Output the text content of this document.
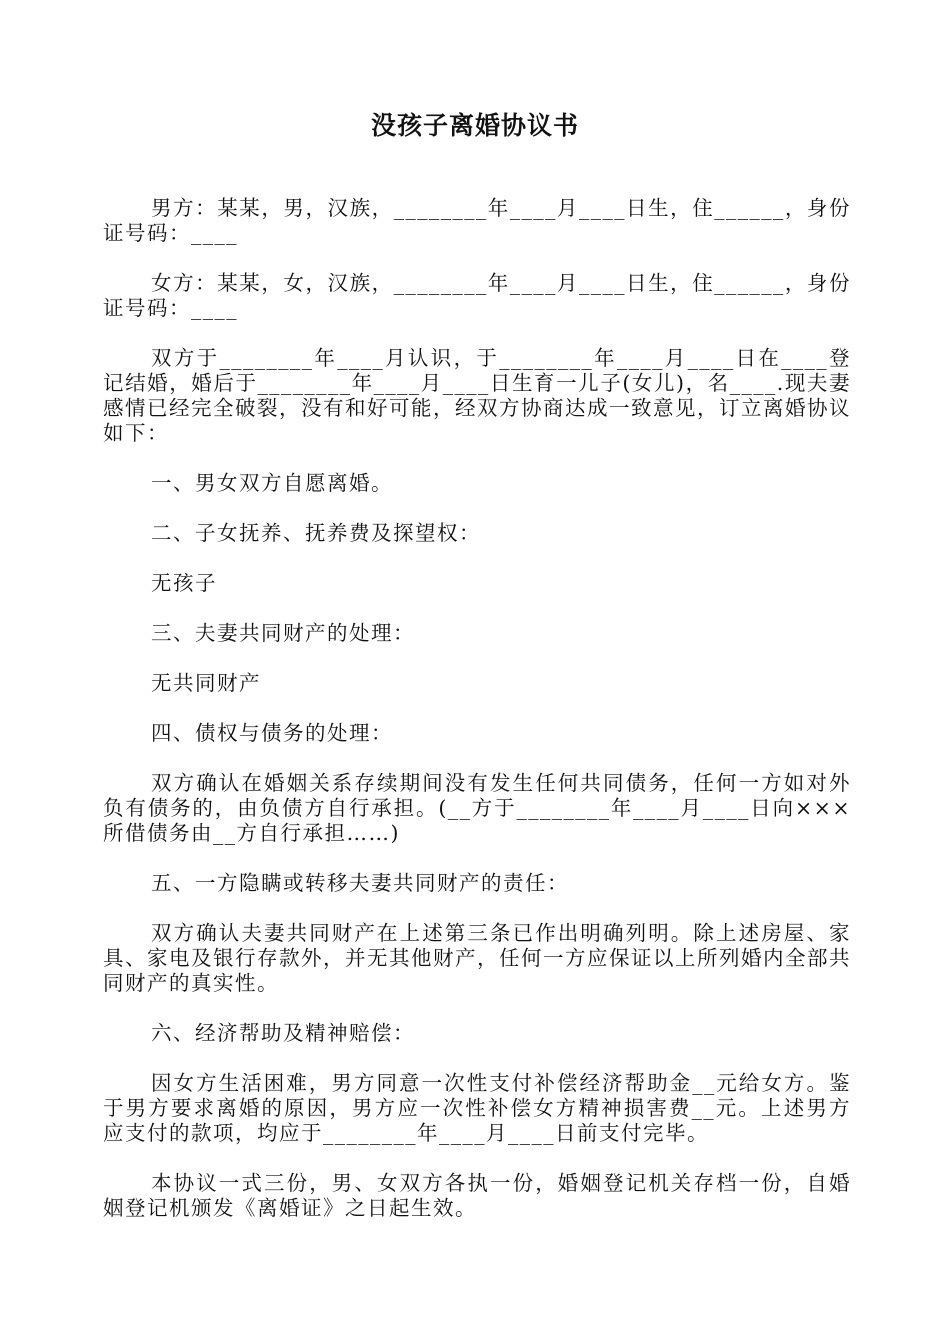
没孩子离婚协议书

男方：某某，男，汉族，________年____月____日生，住______，身份证号码：____

女方：某某，女，汉族，________年____月____日生，住______，身份证号码：____

双方于________年____月认识，于________年____月____日在____登记结婚，婚后于________年____月____日生育一儿子(女儿)，名____.现夫妻感情已经完全破裂，没有和好可能，经双方协商达成一致意见，订立离婚协议如下：

一、男女双方自愿离婚。

二、子女抚养、抚养费及探望权：

无孩子

三、夫妻共同财产的处理：

无共同财产

四、债权与债务的处理：

双方确认在婚姻关系存续期间没有发生任何共同债务，任何一方如对外负有债务的，由负债方自行承担。(__方于________年____月____日向×××所借债务由__方自行承担……)

五、一方隐瞒或转移夫妻共同财产的责任：

双方确认夫妻共同财产在上述第三条已作出明确列明。除上述房屋、家具、家电及银行存款外，并无其他财产，任何一方应保证以上所列婚内全部共同财产的真实性。

六、经济帮助及精神赔偿：

因女方生活困难，男方同意一次性支付补偿经济帮助金__元给女方。鉴于男方要求离婚的原因，男方应一次性补偿女方精神损害费__元。上述男方应支付的款项，均应于________年____月____日前支付完毕。

本协议一式三份，男、女双方各执一份，婚姻登记机关存档一份，自婚姻登记机颁发《离婚证》之日起生效。
